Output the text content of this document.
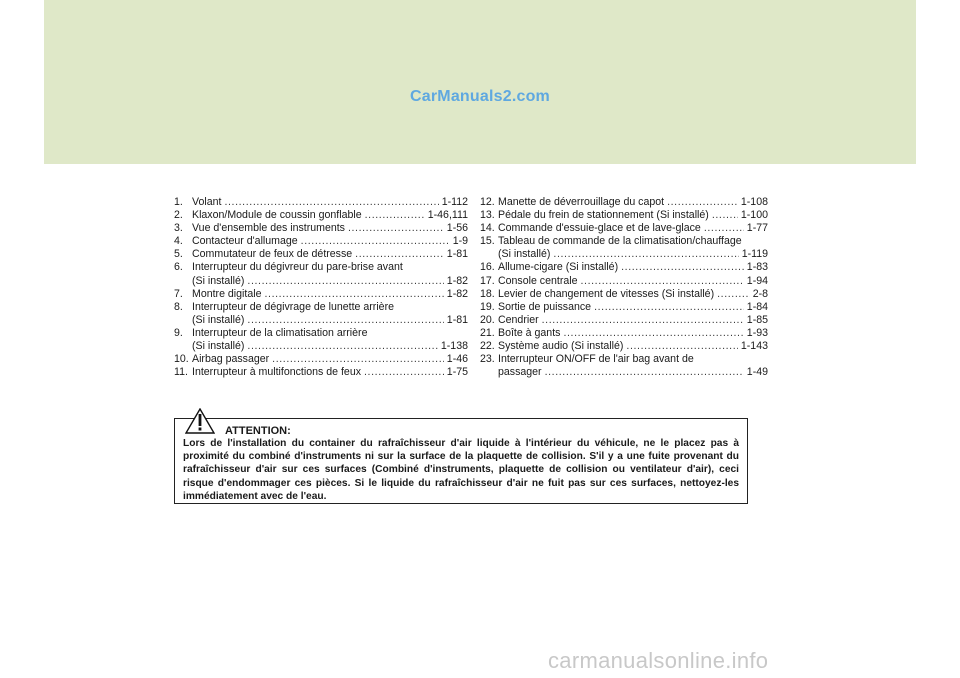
CarManuals2.com
1. Volant .....	1-112
2. Klaxon/Module de coussin gonflable .....	1-46,111
3. Vue d'ensemble des instruments .....	1-56
4. Contacteur d'allumage .....	1-9
5. Commutateur de feux de détresse .....	1-81
6. Interrupteur du dégivreur du pare-brise avant
(Si installé) .....	1-82
7. Montre digitale .....	1-82
8. Interrupteur de dégivrage de lunette arrière
(Si installé) .....	1-81
9. Interrupteur de la climatisation arrière
(Si installé) .....	1-138
10. Airbag passager .....	1-46
11. Interrupteur à multifonctions de feux .....	1-75
12. Manette de déverrouillage du capot .....	1-108
13. Pédale du frein de stationnement (Si installé) .....	1-100
14. Commande d'essuie-glace et de lave-glace .....	1-77
15. Tableau de commande de la climatisation/chauffage
(Si installé) .....	1-119
16. Allume-cigare (Si installé) .....	1-83
17. Console centrale .....	1-94
18. Levier de changement de vitesses (Si installé) .....	2-8
19. Sortie de puissance .....	1-84
20. Cendrier .....	1-85
21. Boîte à gants .....	1-93
22. Système audio (Si installé) .....	1-143
23. Interrupteur ON/OFF de l'air bag avant de
passager .....	1-49
ATTENTION:
Lors de l'installation du container du rafraîchisseur d'air liquide à l'intérieur du véhicule, ne le placez pas à proximité du combiné d'instruments ni sur la surface de la plaquette de collision. S'il y a une fuite provenant du rafraîchisseur d'air sur ces surfaces (Combiné d'instruments, plaquette de collision ou ventilateur d'air), ceci risque d'endommager ces pièces. Si le liquide du rafraîchisseur d'air ne fuit pas sur ces surfaces, nettoyez-les immédiatement avec de l'eau.
carmanualsonline.info
